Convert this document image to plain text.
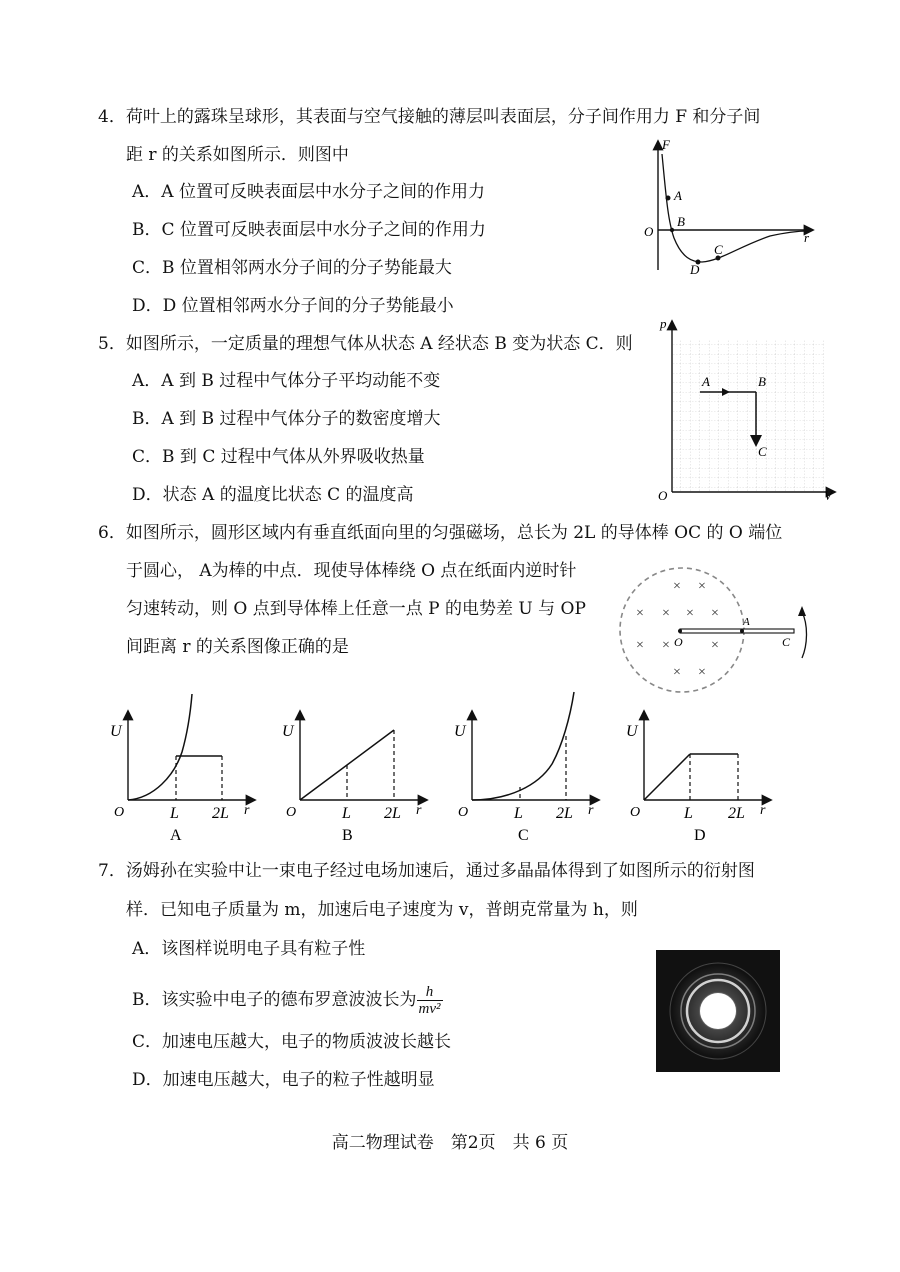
4．荷叶上的露珠呈球形，其表面与空气接触的薄层叫表面层，分子间作用力 F 和分子间
距 r 的关系如图所示．则图中
A．A 位置可反映表面层中水分子之间的作用力
B．C 位置可反映表面层中水分子之间的作用力
C．B 位置相邻两水分子间的分子势能最大
D．D 位置相邻两水分子间的分子势能最小
F
r
O
A
B
D
C
5．如图所示，一定质量的理想气体从状态 A 经状态 B 变为状态 C．则
A．A 到 B 过程中气体分子平均动能不变
B．A 到 B 过程中气体分子的数密度增大
C．B 到 C 过程中气体从外界吸收热量
D．状态 A 的温度比状态 C 的温度高
p
V
O
A	B
C
6．如图所示，圆形区域内有垂直纸面向里的匀强磁场，总长为 2L 的导体棒 OC 的 O 端位
于圆心， A为棒的中点．现使导体棒绕 O 点在纸面内逆时针
匀速转动，则 O 点到导体棒上任意一点 P 的电势差 U 与 OP
间距离 r 的关系图像正确的是
× ×
× × × ×
× ×	×
× ×
O
A
C
U
O	L 2L r
A
U
O	L 2L r
B
U
O	L 2L r
C
U
O	L 2L r
D
7．汤姆孙在实验中让一束电子经过电场加速后，通过多晶晶体得到了如图所示的衍射图
样．已知电子质量为 m，加速后电子速度为 v，普朗克常量为 h，则
A．该图样说明电子具有粒子性
B．该实验中电子的德布罗意波波长为 $\frac{h}{\text{mv²}}$
C．加速电压越大，电子的物质波波长越长
D．加速电压越大，电子的粒子性越明显
高二物理试卷　第2页　共 6 页
